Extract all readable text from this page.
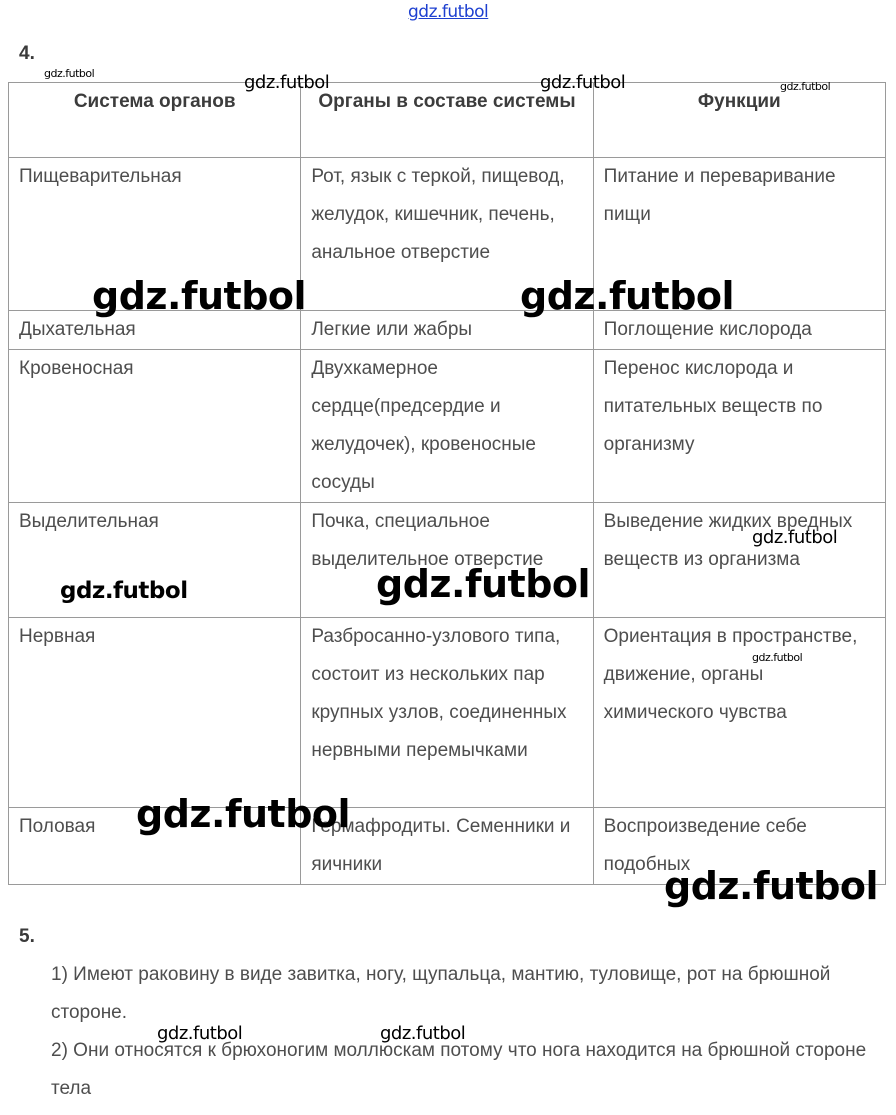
gdz.futbol
4.
Система органов	Органы в составе системы	Функции
Пищеварительная	Рот, язык с теркой, пищевод, желудок, кишечник, печень, анальное отверстие	Питание и переваривание пищи
Дыхательная	Легкие или жабры	Поглощение кислорода
Кровеносная	Двухкамерное сердце(предсердие и желудочек), кровеносные сосуды	Перенос кислорода и питательных веществ по организму
Выделительная	Почка, специальное выделительное отверстие	Выведение жидких вредных веществ из организма
Нервная	Разбросанно-узлового типа, состоит из нескольких пар крупных узлов, соединенных нервными перемычками	Ориентация в пространстве, движение, органы химического чувства
Половая	Гермафродиты. Семенники и яичники	Воспроизведение себе подобных
5.
1) Имеют раковину в виде завитка, ногу, щупальца, мантию, туловище, рот на брюшной стороне.
2) Они относятся к брюхоногим моллюскам потому что нога находится на брюшной стороне тела
gdz.futbol	gdz.futbol	gdz.futbol	gdz.futbol
gdz.futbol	gdz.futbol
gdz.futbol
gdz.futbol	gdz.futbol
gdz.futbol
gdz.futbol
gdz.futbol
gdz.futbol	gdz.futbol
